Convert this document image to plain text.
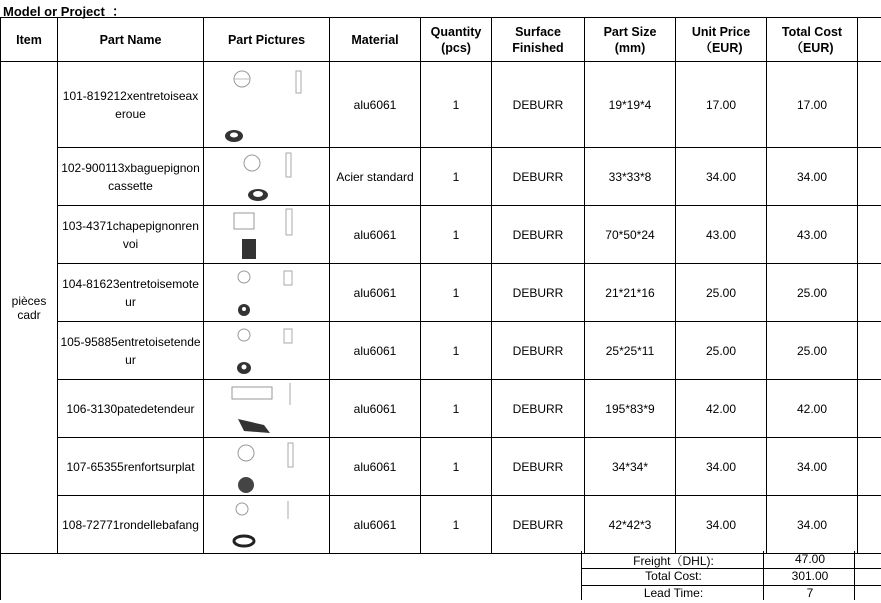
Model or Project  ：
Item	Part Name	Part Pictures	Material	Quantity (pcs)	Surface Finished	Part Size (mm)	Unit Price （EUR)	Total Cost （EUR)	
pièces cadr	101-819212xentretoiseaxeroue		alu6061	1	DEBURR	19*19*4	17.00	17.00	
	102-900113xbaguepignoncassette		Acier standard	1	DEBURR	33*33*8	34.00	34.00	
	103-4371chapepignonrenvoi		alu6061	1	DEBURR	70*50*24	43.00	43.00	
	104-81623entretoisemoteur		alu6061	1	DEBURR	21*21*16	25.00	25.00	
	105-95885entretoisetendeur		alu6061	1	DEBURR	25*25*11	25.00	25.00	
	106-3130patedetendeur		alu6061	1	DEBURR	195*83*9	42.00	42.00	
	107-65355renfortsurplat		alu6061	1	DEBURR	34*34*	34.00	34.00	
	108-72771rondellebafang		alu6061	1	DEBURR	42*42*3	34.00	34.00	
Freight（DHL):	47.00
Total Cost:	301.00
Lead Time:	7
